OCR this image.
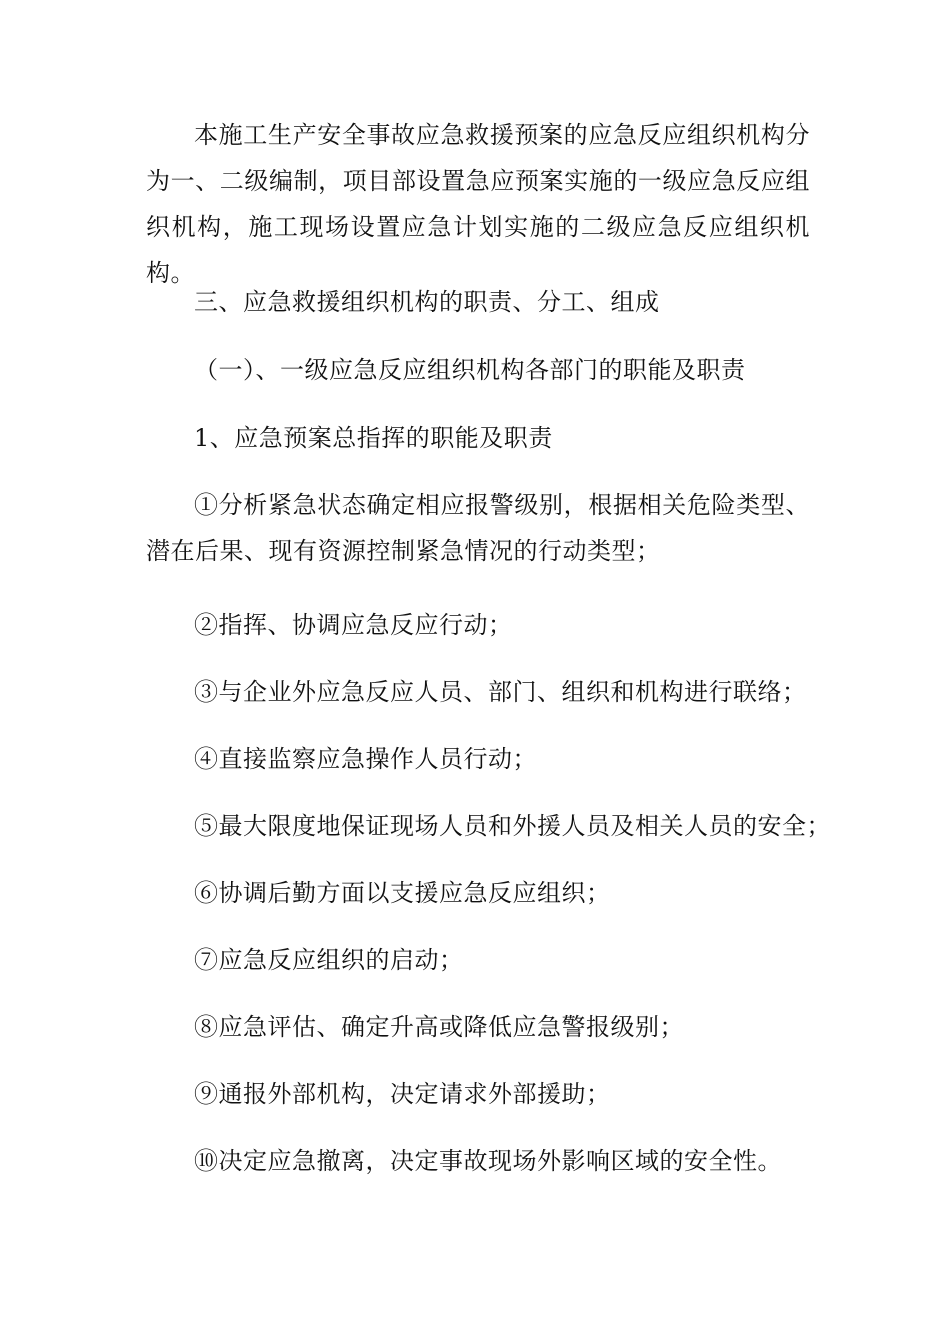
本施工生产安全事故应急救援预案的应急反应组织机构分为一、二级编制，项目部设置急应预案实施的一级应急反应组织机构，施工现场设置应急计划实施的二级应急反应组织机构。

三、应急救援组织机构的职责、分工、组成

（一）、一级应急反应组织机构各部门的职能及职责

1、应急预案总指挥的职能及职责

①分析紧急状态确定相应报警级别，根据相关危险类型、潜在后果、现有资源控制紧急情况的行动类型；

②指挥、协调应急反应行动；

③与企业外应急反应人员、部门、组织和机构进行联络；

④直接监察应急操作人员行动；

⑤最大限度地保证现场人员和外援人员及相关人员的安全；

⑥协调后勤方面以支援应急反应组织；

⑦应急反应组织的启动；

⑧应急评估、确定升高或降低应急警报级别；

⑨通报外部机构，决定请求外部援助；

⑩决定应急撤离，决定事故现场外影响区域的安全性。
